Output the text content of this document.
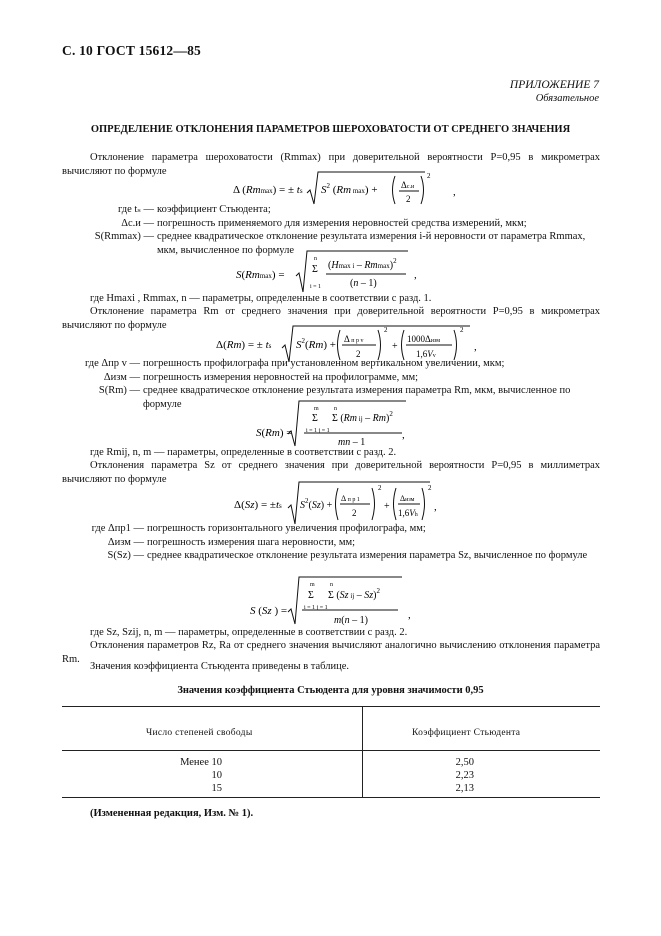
С. 10 ГОСТ 15612—85
ПРИЛОЖЕНИЕ 7
Обязательное
ОПРЕДЕЛЕНИЕ ОТКЛОНЕНИЯ ПАРАМЕТРОВ ШЕРОХОВАТОСТИ ОТ СРЕДНЕГО ЗНАЧЕНИЯ
Отклонение параметра шероховатости (Rmmax) при доверительной вероятности P=0,95 в микрометрах вычисляют по формуле
Δ (Rmmax) = ± ts $S^2$ (Rm max) +	Δс.и
2
2
,
где tₛ — коэффициент Стьюдента;
Δс.и — погрешность применяемого для измерения неровностей средства измерений, мкм;
S(Rmmax) — среднее квадратическое отклонение результата измерения i-й неровности от параметра Rmmax, мкм, вычисленное по формуле
S(Rmmax) =
n
Σ
i = 1
(Hmax i – Rmmax)$^2$
(n – 1)
,
где Hmaxi , Rmmax, n — параметры, определенные в соответствии с разд. 1.
Отклонение параметра Rm от среднего значения при доверительной вероятности P=0,95 в микрометрах вычисляют по формуле
Δ(Rm) = ± ts $S^2(Rm) + \Delta$ п р v
2
2
+
1000Δизм
1,6Vv
2
,
где Δпр v — погрешность профилографа при установленном вертикальном увеличении, мкм;
Δизм — погрешность измерения неровностей на профилограмме, мм;
S(Rm) — среднее квадратическое отклонение результата измерения параметра Rm, мкм, вычисленное по формуле
S(Rm) =
m	n
Σ Σ (Rm ij – Rm)$^2$
i = 1 j = 1
mn – 1
,
где Rmij, n, m — параметры, определенные в соответствии с разд. 2.
Отклонения параметра Sz от среднего значения при доверительной вероятности P=0,95 в миллиметрах вычисляют по формуле
Δ(Sz) = ±ts $S^2(Sz)$ +
Δ п р 1
2
2
+
Δизм
1,6Vh
2
,
где Δпр1 — погрешность горизонтального увеличения профилографа, мм;
Δизм — погрешность измерения шага неровности, мм;
S(Sz) — среднее квадратическое отклонение результата измерения параметра Sz, вычисленное по формуле
S (Sz ) =
m	n
Σ Σ (Sz ij – Sz)$^2$
i = 1 j = 1
m(n – 1)	,
где Sz, Szij, n, m — параметры, определенные в соответствии с разд. 2.
Отклонения параметров Rz, Ra от среднего значения вычисляют аналогично вычислению отклонения параметра Rm.
Значения коэффициента Стьюдента приведены в таблице.
Значения коэффициента Стьюдента для уровня значимости 0,95
Число степеней свободы	Коэффициент Стьюдента
Менее 10	2,50
10	2,23
15	2,13
(Измененная редакция, Изм. № 1).
